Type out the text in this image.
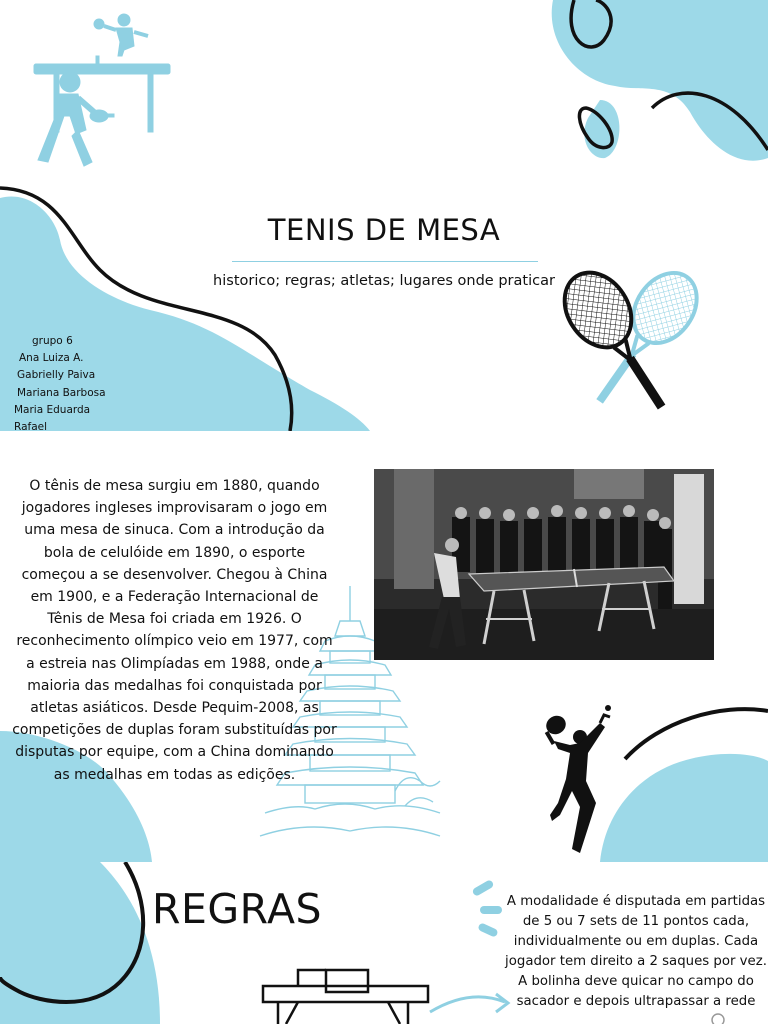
TENIS DE MESA
historico; regras; atletas; lugares onde praticar
grupo 6
Ana Luiza A.
Gabrielly Paiva
Mariana Barbosa
Maria Eduarda
Rafael
O tênis de mesa surgiu em 1880, quando jogadores ingleses improvisaram o jogo em uma mesa de sinuca. Com a introdução da bola de celulóide em 1890, o esporte começou a se desenvolver. Chegou à China em 1900, e a Federação Internacional de Tênis de Mesa foi criada em 1926. O reconhecimento olímpico veio em 1977, com a estreia nas Olimpíadas em 1988, onde a maioria das medalhas foi conquistada por atletas asiáticos. Desde Pequim-2008, as competições de duplas foram substituídas por disputas por equipe, com a China dominando as medalhas em todas as edições.
REGRAS	A modalidade é disputada em partidas de 5 ou 7 sets de 11 pontos cada, individualmente ou em duplas. Cada jogador tem direito a 2 saques por vez. A bolinha deve quicar no campo do sacador e depois ultrapassar a rede
